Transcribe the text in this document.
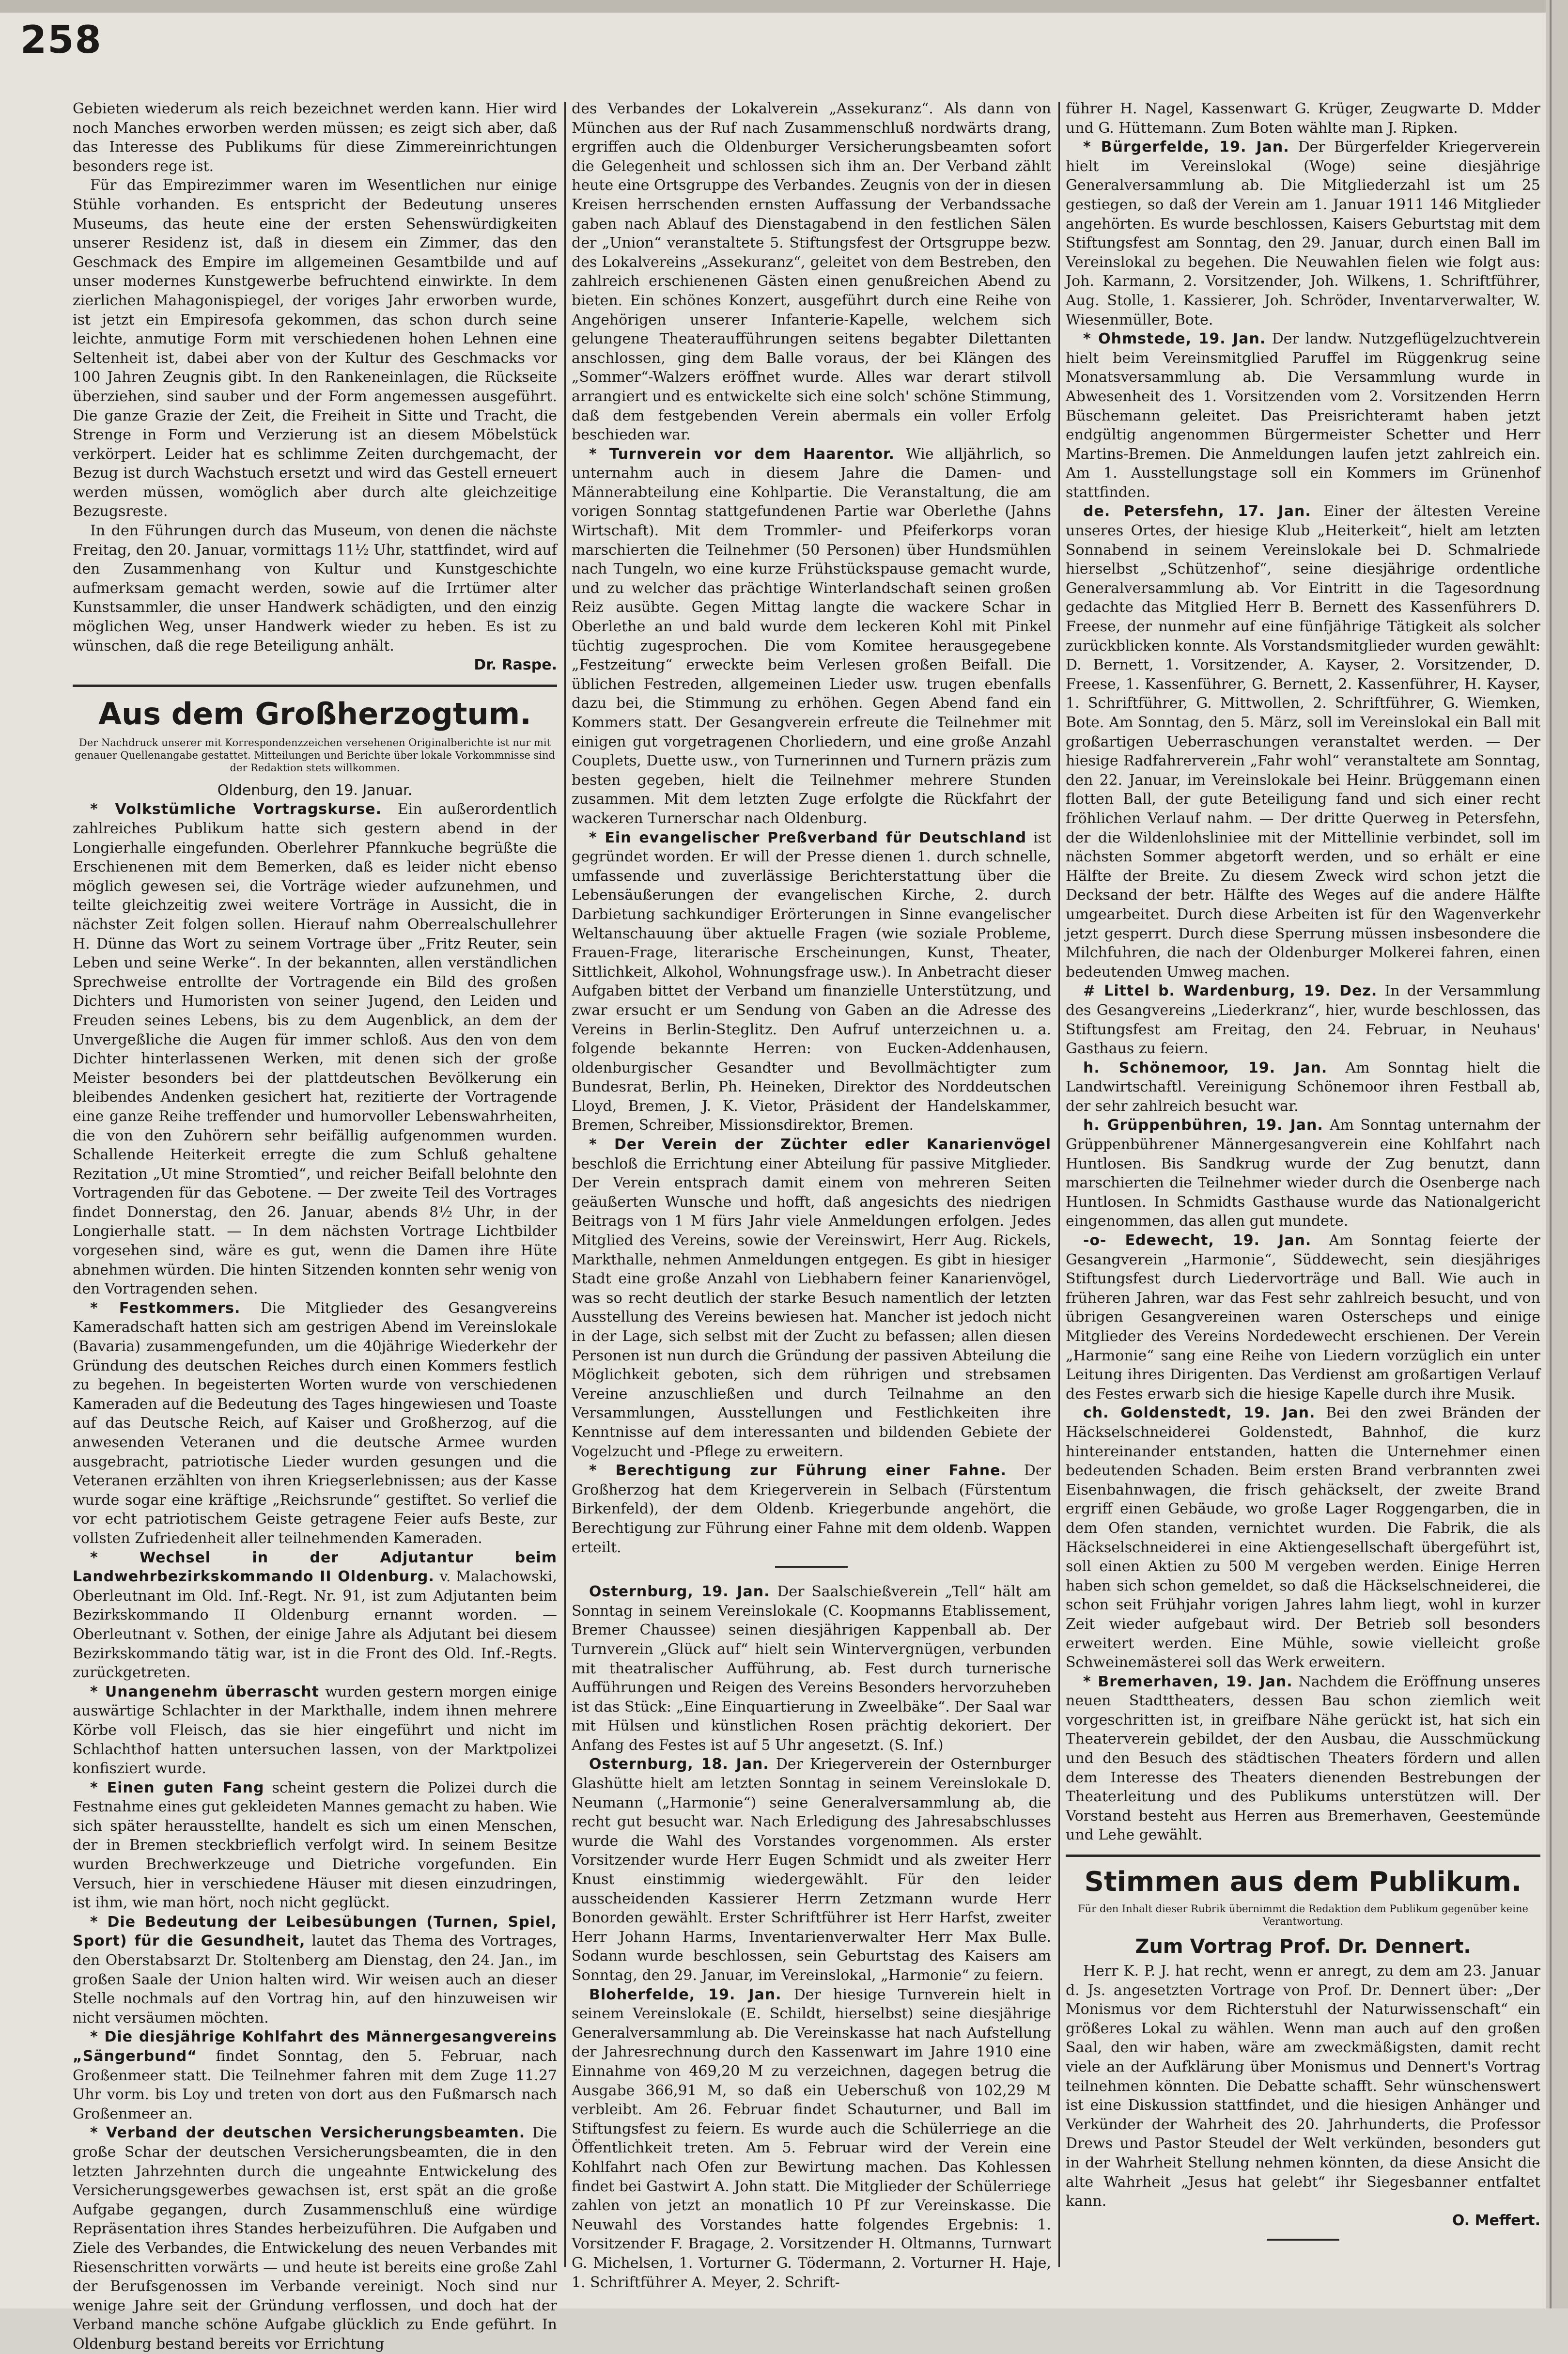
258

Gebieten wiederum als reich bezeichnet werden kann. Hier wird noch Manches erworben werden müssen; es zeigt sich aber, daß das Interesse des Publikums für diese Zimmereinrichtungen besonders rege ist.

Für das Empirezimmer waren im Wesentlichen nur einige Stühle vorhanden. Es entspricht der Bedeutung unseres Museums, das heute eine der ersten Sehenswürdigkeiten unserer Residenz ist, daß in diesem ein Zimmer, das den Geschmack des Empire im allgemeinen Gesamtbilde und auf unser modernes Kunstgewerbe befruchtend einwirkte. In dem zierlichen Mahagonispiegel, der voriges Jahr erworben wurde, ist jetzt ein Empiresofa gekommen, das schon durch seine leichte, anmutige Form mit verschiedenen hohen Lehnen eine Seltenheit ist, dabei aber von der Kultur des Geschmacks vor 100 Jahren Zeugnis gibt. In den Rankeneinlagen, die Rückseite überziehen, sind sauber und der Form angemessen ausgeführt. Die ganze Grazie der Zeit, die Freiheit in Sitte und Tracht, die Strenge in Form und Verzierung ist an diesem Möbelstück verkörpert. Leider hat es schlimme Zeiten durchgemacht, der Bezug ist durch Wachstuch ersetzt und wird das Gestell erneuert werden müssen, womöglich aber durch alte gleichzeitige Bezugsreste.

In den Führungen durch das Museum, von denen die nächste Freitag, den 20. Januar, vormittags 11½ Uhr, stattfindet, wird auf den Zusammenhang von Kultur und Kunstgeschichte aufmerksam gemacht werden, sowie auf die Irrtümer alter Kunstsammler, die unser Handwerk schädigten, und den einzig möglichen Weg, unser Handwerk wieder zu heben. Es ist zu wünschen, daß die rege Beteiligung anhält.

Dr. Raspe.
Aus dem Großherzogtum.
Der Nachdruck unserer mit Korrespondenzzeichen versehenen Originalberichte ist nur mit genauer Quellenangabe gestattet. Mitteilungen und Berichte über lokale Vorkommnisse sind der Redaktion stets willkommen.
Oldenburg, den 19. Januar.

* Volkstümliche Vortragskurse. Ein außerordentlich zahlreiches Publikum hatte sich gestern abend in der Longierhalle eingefunden. Oberlehrer Pfannkuche begrüßte die Erschienenen mit dem Bemerken, daß es leider nicht ebenso möglich gewesen sei, die Vorträge wieder aufzunehmen, und teilte gleichzeitig zwei weitere Vorträge in Aussicht, die in nächster Zeit folgen sollen. Hierauf nahm Oberrealschullehrer H. Dünne das Wort zu seinem Vortrage über „Fritz Reuter, sein Leben und seine Werke“. In der bekannten, allen verständlichen Sprechweise entrollte der Vortragende ein Bild des großen Dichters und Humoristen von seiner Jugend, den Leiden und Freuden seines Lebens, bis zu dem Augenblick, an dem der Unvergeßliche die Augen für immer schloß. Aus den von dem Dichter hinterlassenen Werken, mit denen sich der große Meister besonders bei der plattdeutschen Bevölkerung ein bleibendes Andenken gesichert hat, rezitierte der Vortragende eine ganze Reihe treffender und humorvoller Lebenswahrheiten, die von den Zuhörern sehr beifällig aufgenommen wurden. Schallende Heiterkeit erregte die zum Schluß gehaltene Rezitation „Ut mine Stromtied“, und reicher Beifall belohnte den Vortragenden für das Gebotene. — Der zweite Teil des Vortrages findet Donnerstag, den 26. Januar, abends 8½ Uhr, in der Longierhalle statt. — In dem nächsten Vortrage Lichtbilder vorgesehen sind, wäre es gut, wenn die Damen ihre Hüte abnehmen würden. Die hinten Sitzenden konnten sehr wenig von den Vortragenden sehen.

* Festkommers. Die Mitglieder des Gesangvereins Kameradschaft hatten sich am gestrigen Abend im Vereinslokale (Bavaria) zusammengefunden, um die 40jährige Wiederkehr der Gründung des deutschen Reiches durch einen Kommers festlich zu begehen. In begeisterten Worten wurde von verschiedenen Kameraden auf die Bedeutung des Tages hingewiesen und Toaste auf das Deutsche Reich, auf Kaiser und Großherzog, auf die anwesenden Veteranen und die deutsche Armee wurden ausgebracht, patriotische Lieder wurden gesungen und die Veteranen erzählten von ihren Kriegserlebnissen; aus der Kasse wurde sogar eine kräftige „Reichsrunde“ gestiftet. So verlief die vor echt patriotischem Geiste getragene Feier aufs Beste, zur vollsten Zufriedenheit aller teilnehmenden Kameraden.

* Wechsel in der Adjutantur beim Landwehrbezirkskommando II Oldenburg. v. Malachowski, Oberleutnant im Old. Inf.-Regt. Nr. 91, ist zum Adjutanten beim Bezirkskommando II Oldenburg ernannt worden. — Oberleutnant v. Sothen, der einige Jahre als Adjutant bei diesem Bezirkskommando tätig war, ist in die Front des Old. Inf.-Regts. zurückgetreten.

* Unangenehm überrascht wurden gestern morgen einige auswärtige Schlachter in der Markthalle, indem ihnen mehrere Körbe voll Fleisch, das sie hier eingeführt und nicht im Schlachthof hatten untersuchen lassen, von der Marktpolizei konfisziert wurde.

* Einen guten Fang scheint gestern die Polizei durch die Festnahme eines gut gekleideten Mannes gemacht zu haben. Wie sich später herausstellte, handelt es sich um einen Menschen, der in Bremen steckbrieflich verfolgt wird. In seinem Besitze wurden Brechwerkzeuge und Dietriche vorgefunden. Ein Versuch, hier in verschiedene Häuser mit diesen einzudringen, ist ihm, wie man hört, noch nicht geglückt.

* Die Bedeutung der Leibesübungen (Turnen, Spiel, Sport) für die Gesundheit, lautet das Thema des Vortrages, den Oberstabsarzt Dr. Stoltenberg am Dienstag, den 24. Jan., im großen Saale der Union halten wird. Wir weisen auch an dieser Stelle nochmals auf den Vortrag hin, auf den hinzuweisen wir nicht versäumen möchten.

* Die diesjährige Kohlfahrt des Männergesangvereins „Sängerbund“ findet Sonntag, den 5. Februar, nach Großenmeer statt. Die Teilnehmer fahren mit dem Zuge 11.27 Uhr vorm. bis Loy und treten von dort aus den Fußmarsch nach Großenmeer an.

* Verband der deutschen Versicherungsbeamten. Die große Schar der deutschen Versicherungsbeamten, die in den letzten Jahrzehnten durch die ungeahnte Entwickelung des Versicherungsgewerbes gewachsen ist, erst spät an die große Aufgabe gegangen, durch Zusammenschluß eine würdige Repräsentation ihres Standes herbeizuführen. Die Aufgaben und Ziele des Verbandes, die Entwickelung des neuen Verbandes mit Riesenschritten vorwärts — und heute ist bereits eine große Zahl der Berufsgenossen im Verbande vereinigt. Noch sind nur wenige Jahre seit der Gründung verflossen, und doch hat der Verband manche schöne Aufgabe glücklich zu Ende geführt. In Oldenburg bestand bereits vor Errichtung

des Verbandes der Lokalverein „Assekuranz“. Als dann von München aus der Ruf nach Zusammenschluß nordwärts drang, ergriffen auch die Oldenburger Versicherungsbeamten sofort die Gelegenheit und schlossen sich ihm an. Der Verband zählt heute eine Ortsgruppe des Verbandes. Zeugnis von der in diesen Kreisen herrschenden ernsten Auffassung der Verbandssache gaben nach Ablauf des Dienstagabend in den festlichen Sälen der „Union“ veranstaltete 5. Stiftungsfest der Ortsgruppe bezw. des Lokalvereins „Assekuranz“, geleitet von dem Bestreben, den zahlreich erschienenen Gästen einen genußreichen Abend zu bieten. Ein schönes Konzert, ausgeführt durch eine Reihe von Angehörigen unserer Infanterie-Kapelle, welchem sich gelungene Theateraufführungen seitens begabter Dilettanten anschlossen, ging dem Balle voraus, der bei Klängen des „Sommer“-Walzers eröffnet wurde. Alles war derart stilvoll arrangiert und es entwickelte sich eine solch' schöne Stimmung, daß dem festgebenden Verein abermals ein voller Erfolg beschieden war.

* Turnverein vor dem Haarentor. Wie alljährlich, so unternahm auch in diesem Jahre die Damen- und Männerabteilung eine Kohlpartie. Die Veranstaltung, die am vorigen Sonntag stattgefundenen Partie war Oberlethe (Jahns Wirtschaft). Mit dem Trommler- und Pfeiferkorps voran marschierten die Teilnehmer (50 Personen) über Hundsmühlen nach Tungeln, wo eine kurze Frühstückspause gemacht wurde, und zu welcher das prächtige Winterlandschaft seinen großen Reiz ausübte. Gegen Mittag langte die wackere Schar in Oberlethe an und bald wurde dem leckeren Kohl mit Pinkel tüchtig zugesprochen. Die vom Komitee herausgegebene „Festzeitung“ erweckte beim Verlesen großen Beifall. Die üblichen Festreden, allgemeinen Lieder usw. trugen ebenfalls dazu bei, die Stimmung zu erhöhen. Gegen Abend fand ein Kommers statt. Der Gesangverein erfreute die Teilnehmer mit einigen gut vorgetragenen Chorliedern, und eine große Anzahl Couplets, Duette usw., von Turnerinnen und Turnern präzis zum besten gegeben, hielt die Teilnehmer mehrere Stunden zusammen. Mit dem letzten Zuge erfolgte die Rückfahrt der wackeren Turnerschar nach Oldenburg.

* Ein evangelischer Preßverband für Deutschland ist gegründet worden. Er will der Presse dienen 1. durch schnelle, umfassende und zuverlässige Berichterstattung über die Lebensäußerungen der evangelischen Kirche, 2. durch Darbietung sachkundiger Erörterungen in Sinne evangelischer Weltanschauung über aktuelle Fragen (wie soziale Probleme, Frauen-Frage, literarische Erscheinungen, Kunst, Theater, Sittlichkeit, Alkohol, Wohnungsfrage usw.). In Anbetracht dieser Aufgaben bittet der Verband um finanzielle Unterstützung, und zwar ersucht er um Sendung von Gaben an die Adresse des Vereins in Berlin-Steglitz. Den Aufruf unterzeichnen u. a. folgende bekannte Herren: von Eucken-Addenhausen, oldenburgischer Gesandter und Bevollmächtigter zum Bundesrat, Berlin, Ph. Heineken, Direktor des Norddeutschen Lloyd, Bremen, J. K. Vietor, Präsident der Handelskammer, Bremen, Schreiber, Missionsdirektor, Bremen.

* Der Verein der Züchter edler Kanarienvögel beschloß die Errichtung einer Abteilung für passive Mitglieder. Der Verein entsprach damit einem von mehreren Seiten geäußerten Wunsche und hofft, daß angesichts des niedrigen Beitrags von 1 M fürs Jahr viele Anmeldungen erfolgen. Jedes Mitglied des Vereins, sowie der Vereinswirt, Herr Aug. Rickels, Markthalle, nehmen Anmeldungen entgegen. Es gibt in hiesiger Stadt eine große Anzahl von Liebhabern feiner Kanarienvögel, was so recht deutlich der starke Besuch namentlich der letzten Ausstellung des Vereins bewiesen hat. Mancher ist jedoch nicht in der Lage, sich selbst mit der Zucht zu befassen; allen diesen Personen ist nun durch die Gründung der passiven Abteilung die Möglichkeit geboten, sich dem rührigen und strebsamen Vereine anzuschließen und durch Teilnahme an den Versammlungen, Ausstellungen und Festlichkeiten ihre Kenntnisse auf dem interessanten und bildenden Gebiete der Vogelzucht und -Pflege zu erweitern.

* Berechtigung zur Führung einer Fahne. Der Großherzog hat dem Kriegerverein in Selbach (Fürstentum Birkenfeld), der dem Oldenb. Kriegerbunde angehört, die Berechtigung zur Führung einer Fahne mit dem oldenb. Wappen erteilt.

Osternburg, 19. Jan. Der Saalschießverein „Tell“ hält am Sonntag in seinem Vereinslokale (C. Koopmanns Etablissement, Bremer Chaussee) seinen diesjährigen Kappenball ab. Der Turnverein „Glück auf“ hielt sein Wintervergnügen, verbunden mit theatralischer Aufführung, ab. Fest durch turnerische Aufführungen und Reigen des Vereins Besonders hervorzuheben ist das Stück: „Eine Einquartierung in Zweelbäke“. Der Saal war mit Hülsen und künstlichen Rosen prächtig dekoriert. Der Anfang des Festes ist auf 5 Uhr angesetzt. (S. Inf.)

Osternburg, 18. Jan. Der Kriegerverein der Osternburger Glashütte hielt am letzten Sonntag in seinem Vereinslokale D. Neumann („Harmonie“) seine Generalversammlung ab, die recht gut besucht war. Nach Erledigung des Jahresabschlusses wurde die Wahl des Vorstandes vorgenommen. Als erster Vorsitzender wurde Herr Eugen Schmidt und als zweiter Herr Knust einstimmig wiedergewählt. Für den leider ausscheidenden Kassierer Herrn Zetzmann wurde Herr Bonorden gewählt. Erster Schriftführer ist Herr Harfst, zweiter Herr Johann Harms, Inventarienverwalter Herr Max Bulle. Sodann wurde beschlossen, sein Geburtstag des Kaisers am Sonntag, den 29. Januar, im Vereinslokal, „Harmonie“ zu feiern.

Bloherfelde, 19. Jan. Der hiesige Turnverein hielt in seinem Vereinslokale (E. Schildt, hierselbst) seine diesjährige Generalversammlung ab. Die Vereinskasse hat nach Aufstellung der Jahresrechnung durch den Kassenwart im Jahre 1910 eine Einnahme von 469,20 M zu verzeichnen, dagegen betrug die Ausgabe 366,91 M, so daß ein Ueberschuß von 102,29 M verbleibt. Am 26. Februar findet Schauturner, und Ball im Stiftungsfest zu feiern. Es wurde auch die Schülerriege an die Öffentlichkeit treten. Am 5. Februar wird der Verein eine Kohlfahrt nach Ofen zur Bewirtung machen. Das Kohlessen findet bei Gastwirt A. John statt. Die Mitglieder der Schülerriege zahlen von jetzt an monatlich 10 Pf zur Vereinskasse. Die Neuwahl des Vorstandes hatte folgendes Ergebnis: 1. Vorsitzender F. Bragage, 2. Vorsitzender H. Oltmanns, Turnwart G. Michelsen, 1. Vorturner G. Tödermann, 2. Vorturner H. Haje, 1. Schriftführer A. Meyer, 2. Schrift-

führer H. Nagel, Kassenwart G. Krüger, Zeugwarte D. Mdder und G. Hüttemann. Zum Boten wählte man J. Ripken.

* Bürgerfelde, 19. Jan. Der Bürgerfelder Kriegerverein hielt im Vereinslokal (Woge) seine diesjährige Generalversammlung ab. Die Mitgliederzahl ist um 25 gestiegen, so daß der Verein am 1. Januar 1911 146 Mitglieder angehörten. Es wurde beschlossen, Kaisers Geburtstag mit dem Stiftungsfest am Sonntag, den 29. Januar, durch einen Ball im Vereinslokal zu begehen. Die Neuwahlen fielen wie folgt aus: Joh. Karmann, 2. Vorsitzender, Joh. Wilkens, 1. Schriftführer, Aug. Stolle, 1. Kassierer, Joh. Schröder, Inventarverwalter, W. Wiesenmüller, Bote.

* Ohmstede, 19. Jan. Der landw. Nutzgeflügelzuchtverein hielt beim Vereinsmitglied Paruffel im Rüggenkrug seine Monatsversammlung ab. Die Versammlung wurde in Abwesenheit des 1. Vorsitzenden vom 2. Vorsitzenden Herrn Büschemann geleitet. Das Preisrichteramt haben jetzt endgültig angenommen Bürgermeister Schetter und Herr Martins-Bremen. Die Anmeldungen laufen jetzt zahlreich ein. Am 1. Ausstellungstage soll ein Kommers im Grünenhof stattfinden.

de. Petersfehn, 17. Jan. Einer der ältesten Vereine unseres Ortes, der hiesige Klub „Heiterkeit“, hielt am letzten Sonnabend in seinem Vereinslokale bei D. Schmalriede hierselbst „Schützenhof“, seine diesjährige ordentliche Generalversammlung ab. Vor Eintritt in die Tagesordnung gedachte das Mitglied Herr B. Bernett des Kassenführers D. Freese, der nunmehr auf eine fünfjährige Tätigkeit als solcher zurückblicken konnte. Als Vorstandsmitglieder wurden gewählt: D. Bernett, 1. Vorsitzender, A. Kayser, 2. Vorsitzender, D. Freese, 1. Kassenführer, G. Bernett, 2. Kassenführer, H. Kayser, 1. Schriftführer, G. Mittwollen, 2. Schriftführer, G. Wiemken, Bote. Am Sonntag, den 5. März, soll im Vereinslokal ein Ball mit großartigen Ueberraschungen veranstaltet werden. — Der hiesige Radfahrerverein „Fahr wohl“ veranstaltete am Sonntag, den 22. Januar, im Vereinslokale bei Heinr. Brüggemann einen flotten Ball, der gute Beteiligung fand und sich einer recht fröhlichen Verlauf nahm. — Der dritte Querweg in Petersfehn, der die Wildenlohsliniee mit der Mittellinie verbindet, soll im nächsten Sommer abgetorft werden, und so erhält er eine Hälfte der Breite. Zu diesem Zweck wird schon jetzt die Decksand der betr. Hälfte des Weges auf die andere Hälfte umgearbeitet. Durch diese Arbeiten ist für den Wagenverkehr jetzt gesperrt. Durch diese Sperrung müssen insbesondere die Milchfuhren, die nach der Oldenburger Molkerei fahren, einen bedeutenden Umweg machen.

# Littel b. Wardenburg, 19. Dez. In der Versammlung des Gesangvereins „Liederkranz“, hier, wurde beschlossen, das Stiftungsfest am Freitag, den 24. Februar, in Neuhaus' Gasthaus zu feiern.

h. Schönemoor, 19. Jan. Am Sonntag hielt die Landwirtschaftl. Vereinigung Schönemoor ihren Festball ab, der sehr zahlreich besucht war.

h. Grüppenbühren, 19. Jan. Am Sonntag unternahm der Grüppenbührener Männergesangverein eine Kohlfahrt nach Huntlosen. Bis Sandkrug wurde der Zug benutzt, dann marschierten die Teilnehmer wieder durch die Osenberge nach Huntlosen. In Schmidts Gasthause wurde das Nationalgericht eingenommen, das allen gut mundete.

-o- Edewecht, 19. Jan. Am Sonntag feierte der Gesangverein „Harmonie“, Süddewecht, sein diesjähriges Stiftungsfest durch Liedervorträge und Ball. Wie auch in früheren Jahren, war das Fest sehr zahlreich besucht, und von übrigen Gesangvereinen waren Osterscheps und einige Mitglieder des Vereins Nordedewecht erschienen. Der Verein „Harmonie“ sang eine Reihe von Liedern vorzüglich ein unter Leitung ihres Dirigenten. Das Verdienst am großartigen Verlauf des Festes erwarb sich die hiesige Kapelle durch ihre Musik.

ch. Goldenstedt, 19. Jan. Bei den zwei Bränden der Häckselschneiderei Goldenstedt, Bahnhof, die kurz hintereinander entstanden, hatten die Unternehmer einen bedeutenden Schaden. Beim ersten Brand verbrannten zwei Eisenbahnwagen, die frisch gehäckselt, der zweite Brand ergriff einen Gebäude, wo große Lager Roggengarben, die in dem Ofen standen, vernichtet wurden. Die Fabrik, die als Häckselschneiderei in eine Aktiengesellschaft übergeführt ist, soll einen Aktien zu 500 M vergeben werden. Einige Herren haben sich schon gemeldet, so daß die Häckselschneiderei, die schon seit Frühjahr vorigen Jahres lahm liegt, wohl in kurzer Zeit wieder aufgebaut wird. Der Betrieb soll besonders erweitert werden. Eine Mühle, sowie vielleicht große Schweinemästerei soll das Werk erweitern.

* Bremerhaven, 19. Jan. Nachdem die Eröffnung unseres neuen Stadttheaters, dessen Bau schon ziemlich weit vorgeschritten ist, in greifbare Nähe gerückt ist, hat sich ein Theaterverein gebildet, der den Ausbau, die Ausschmückung und den Besuch des städtischen Theaters fördern und allen dem Interesse des Theaters dienenden Bestrebungen der Theaterleitung und des Publikums unterstützen will. Der Vorstand besteht aus Herren aus Bremerhaven, Geestemünde und Lehe gewählt.

Stimmen aus dem Publikum.
Für den Inhalt dieser Rubrik übernimmt die Redaktion dem Publikum gegenüber keine Verantwortung.
Zum Vortrag Prof. Dr. Dennert.

Herr K. P. J. hat recht, wenn er anregt, zu dem am 23. Januar d. Js. angesetzten Vortrage von Prof. Dr. Dennert über: „Der Monismus vor dem Richterstuhl der Naturwissenschaft“ ein größeres Lokal zu wählen. Wenn man auch auf den großen Saal, den wir haben, wäre am zweckmäßigsten, damit recht viele an der Aufklärung über Monismus und Dennert's Vortrag teilnehmen könnten. Die Debatte schafft. Sehr wünschenswert ist eine Diskussion stattfindet, und die hiesigen Anhänger und Verkünder der Wahrheit des 20. Jahrhunderts, die Professor Drews und Pastor Steudel der Welt verkünden, besonders gut in der Wahrheit Stellung nehmen könnten, da diese Ansicht die alte Wahrheit „Jesus hat gelebt“ ihr Siegesbanner entfaltet kann.

O. Meffert.
